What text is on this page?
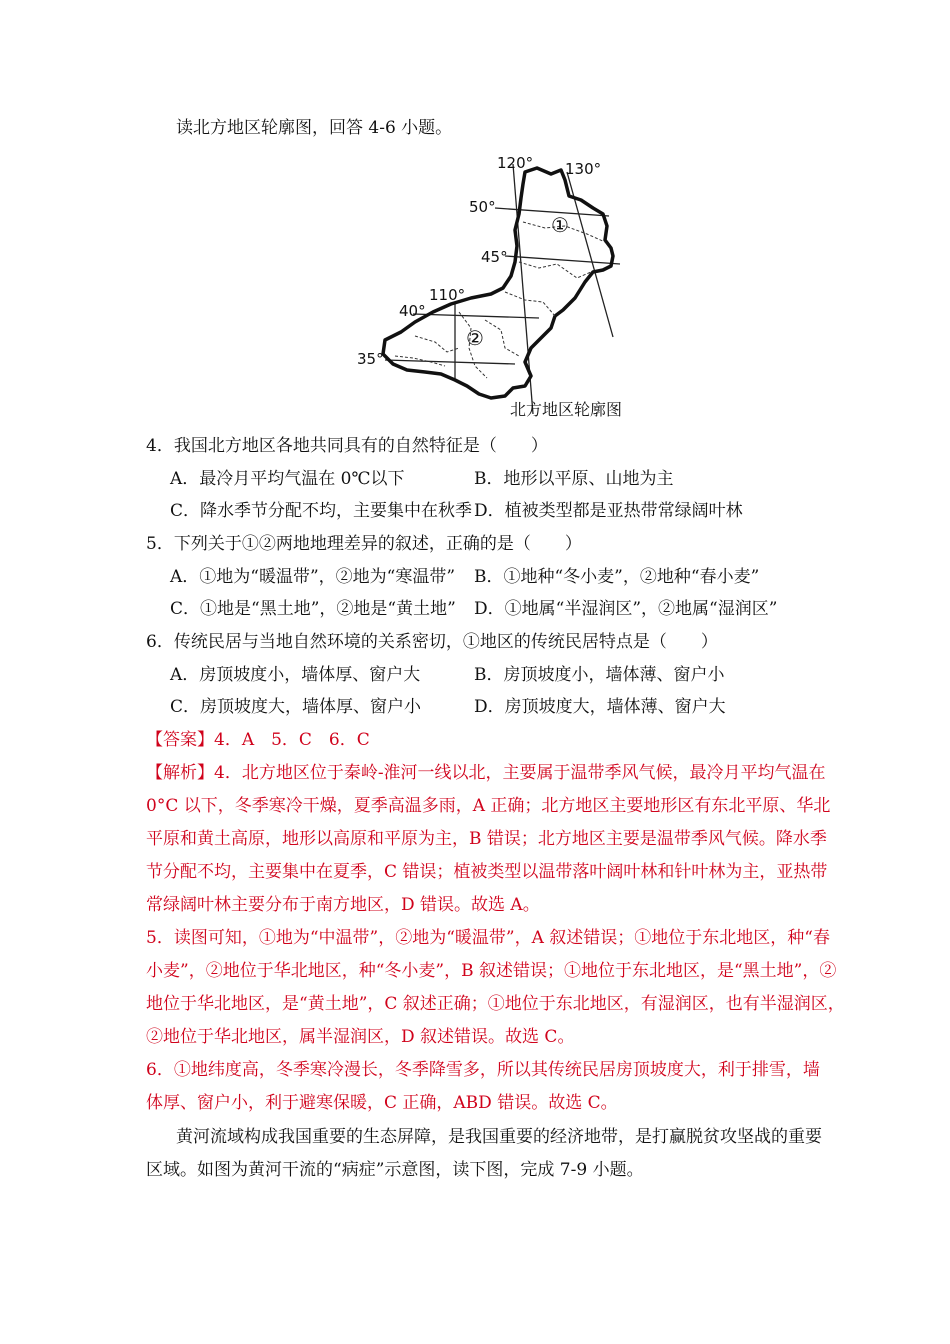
读北方地区轮廓图，回答 4-6 小题。
120° 130°
110°
50°
45°
40°
35°
①
②
北方地区轮廓图
4．我国北方地区各地共同具有的自然特征是（　　）
A．最冷月平均气温在 0℃以下	B．地形以平原、山地为主
C．降水季节分配不均，主要集中在秋季 D．植被类型都是亚热带常绿阔叶林
5．下列关于①②两地地理差异的叙述，正确的是（　　）
A．①地为“暖温带”，②地为“寒温带” B．①地种“冬小麦”，②地种“春小麦”
C．①地是“黑土地”，②地是“黄土地” D．①地属“半湿润区”，②地属“湿润区”
6．传统民居与当地自然环境的关系密切，①地区的传统民居特点是（　　）
A．房顶坡度小，墙体厚、窗户大	B．房顶坡度小，墙体薄、窗户小
C．房顶坡度大，墙体厚、窗户小	D．房顶坡度大，墙体薄、窗户大
【答案】4．A　5．C　6．C
【解析】4．北方地区位于秦岭-淮河一线以北，主要属于温带季风气候，最冷月平均气温在
0°C 以下，冬季寒冷干燥，夏季高温多雨，A 正确；北方地区主要地形区有东北平原、华北
平原和黄土高原，地形以高原和平原为主，B 错误；北方地区主要是温带季风气候。降水季
节分配不均，主要集中在夏季，C 错误；植被类型以温带落叶阔叶林和针叶林为主，亚热带
常绿阔叶林主要分布于南方地区，D 错误。故选 A。
5．读图可知，①地为“中温带”，②地为“暖温带”，A 叙述错误；①地位于东北地区，种“春
小麦”，②地位于华北地区，种“冬小麦”，B 叙述错误；①地位于东北地区，是“黑土地”，②
地位于华北地区，是“黄土地”，C 叙述正确；①地位于东北地区，有湿润区，也有半湿润区，
②地位于华北地区，属半湿润区，D 叙述错误。故选 C。
6．①地纬度高，冬季寒冷漫长，冬季降雪多，所以其传统民居房顶坡度大，利于排雪，墙
体厚、窗户小，利于避寒保暖，C 正确，ABD 错误。故选 C。
黄河流域构成我国重要的生态屏障，是我国重要的经济地带，是打赢脱贫攻坚战的重要
区域。如图为黄河干流的“病症”示意图，读下图，完成 7-9 小题。
